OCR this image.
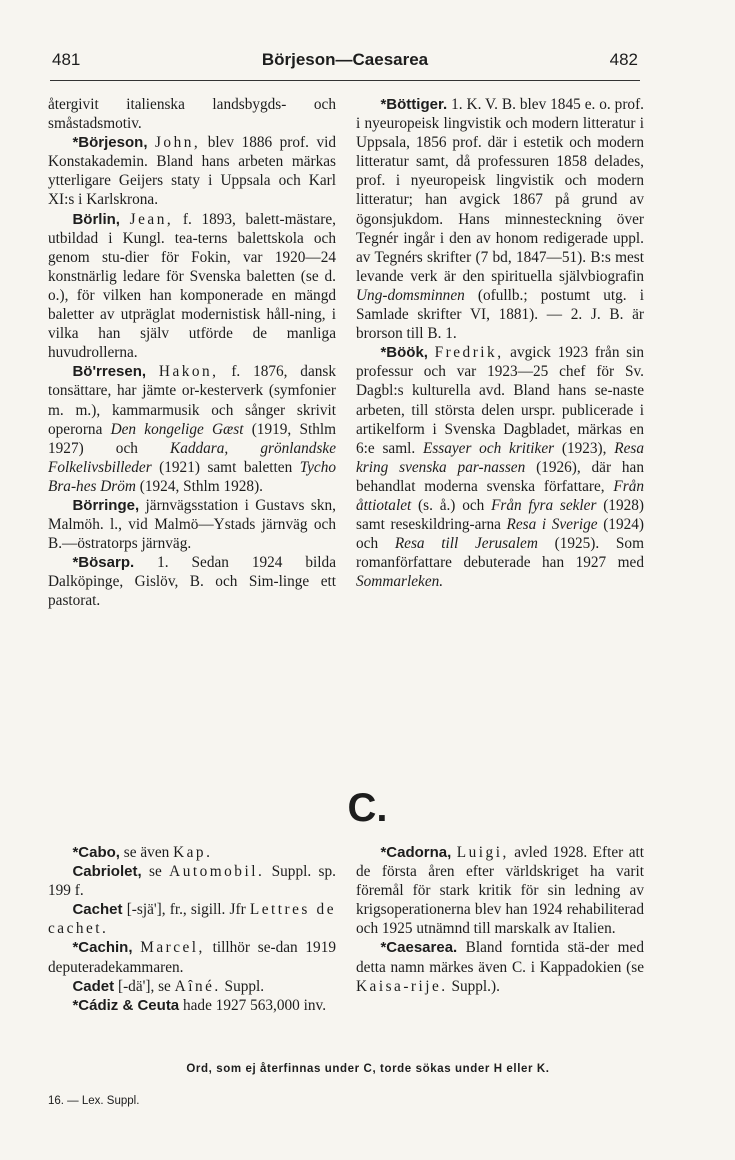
481	Börjeson—Caesarea	482

återgivit italienska landsbygds- och småstadsmotiv.

*Börjeson, John, blev 1886 prof. vid Konstakademin. Bland hans arbeten märkas ytterligare Geijers staty i Uppsala och Karl XI:s i Karlskrona.

Börlin, Jean, f. 1893, balett-mästare, utbildad i Kungl. tea-terns balettskola och genom stu-dier för Fokin, var 1920—24 konstnärlig ledare för Svenska baletten (se d. o.), för vilken han komponerade en mängd baletter av utpräglat modernistisk håll-ning, i vilka han själv utförde de manliga huvudrollerna.

Bö'rresen, Hakon, f. 1876, dansk tonsättare, har jämte or-kesterverk (symfonier m. m.), kammarmusik och sånger skrivit operorna Den kongelige Gæst (1919, Sthlm 1927) och Kaddara, grönlandske Folkelivsbilleder (1921) samt baletten Tycho Bra-hes Dröm (1924, Sthlm 1928).

Börringe, järnvägsstation i Gustavs skn, Malmöh. l., vid Malmö—Ystads järnväg och B.—östratorps järnväg.

*Bösarp. 1. Sedan 1924 bilda Dalköpinge, Gislöv, B. och Sim-linge ett pastorat.

*Böttiger. 1. K. V. B. blev 1845 e. o. prof. i nyeuropeisk lingvistik och modern litteratur i Uppsala, 1856 prof. där i estetik och modern litteratur samt, då professuren 1858 delades, prof. i nyeuropeisk lingvistik och modern litteratur; han avgick 1867 på grund av ögonsjukdom. Hans minnesteckning över Tegnér ingår i den av honom redigerade uppl. av Tegnérs skrifter (7 bd, 1847—51). B:s mest levande verk är den spirituella självbiografin Ung-domsminnen (ofullb.; postumt utg. i Samlade skrifter VI, 1881). — 2. J. B. är brorson till B. 1.

*Böök, Fredrik, avgick 1923 från sin professur och var 1923—25 chef för Sv. Dagbl:s kulturella avd. Bland hans se-naste arbeten, till största delen urspr. publicerade i artikelform i Svenska Dagbladet, märkas en 6:e saml. Essayer och kritiker (1923), Resa kring svenska par-nassen (1926), där han behandlat moderna svenska författare, Från åttiotalet (s. å.) och Från fyra sekler (1928) samt reseskildring-arna Resa i Sverige (1924) och Resa till Jerusalem (1925). Som romanförfattare debuterade han 1927 med Sommarleken.

C.

*Cabo, se även Kap.

Cabriolet, se Automobil. Suppl. sp. 199 f.

Cachet [-sjä'], fr., sigill. Jfr Lettres de cachet.

*Cachin, Marcel, tillhör se-dan 1919 deputeradekammaren.

Cadet [-dä'], se Aîné. Suppl.

*Cádiz & Ceuta hade 1927 563,000 inv.

*Cadorna, Luigi, avled 1928. Efter att de första åren efter världskriget ha varit föremål för stark kritik för sin ledning av krigsoperationerna blev han 1924 rehabiliterad och 1925 utnämnd till marskalk av Italien.

*Caesarea. Bland forntida stä-der med detta namn märkes även C. i Kappadokien (se Kaisa-rije. Suppl.).

Ord, som ej återfinnas under C, torde sökas under H eller K.
16. — Lex. Suppl.
